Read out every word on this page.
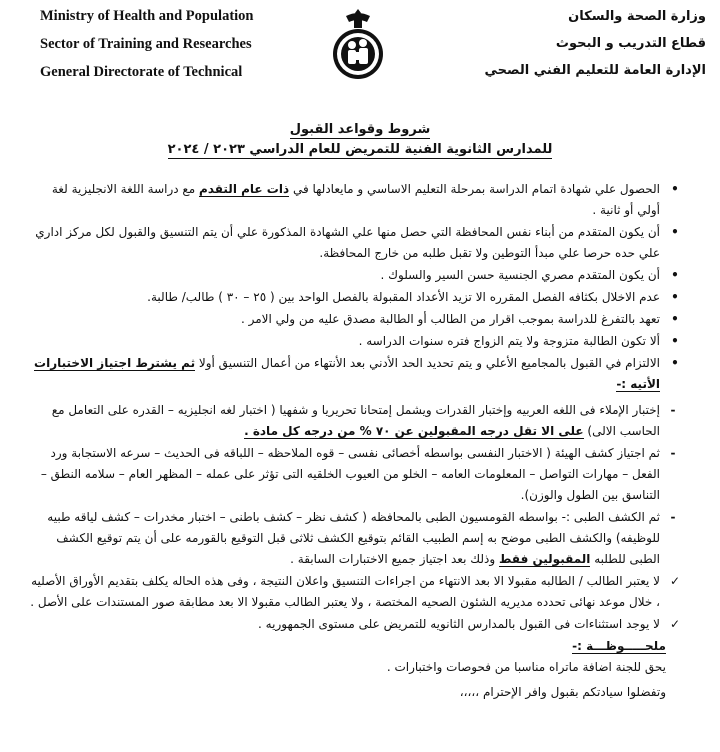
Ministry of Health and Population
Sector of Training and Researches
General Directorate of Technical
وزارة الصحة والسكان
قطاع التدريب و البحوث
الإدارة العامة للتعليم الفني الصحي
شروط وقواعد القبول
للمدارس الثانوية الفنية للتمريض للعام الدراسي ٢٠٢٣ / ٢٠٢٤
•
الحصول علي شهادة اتمام الدراسة بمرحلة التعليم الاساسي و مايعادلها في ذات عام التقدم مع دراسة اللغة الانجليزية لغة أولي أو ثانية .
•
أن يكون المتقدم من أبناء نفس المحافظة التي حصل منها علي الشهادة المذكورة علي أن يتم التنسيق والقبول لكل مركز اداري علي حده حرصا علي مبدأ التوطين ولا تقبل طلبه من خارج المحافظة.
•
أن يكون المتقدم مصري الجنسية حسن السير والسلوك .
•
عدم الاخلال بكثافه الفصل المقرره الا تزيد الأعداد المقبولة بالفصل الواحد بين ( ٢٥ – ٣٠ ) طالب/ طالبة.
•
تعهد بالتفرغ للدراسة بموجب اقرار من الطالب أو الطالبة مصدق عليه من ولي الامر .
•
ألا تكون الطالبة متزوجة ولا يتم الزواج فتره سنوات الدراسه .
•
الالتزام في القبول بالمجاميع الأعلي و يتم تحديد الحد الأدني بعد الأنتهاء من أعمال التنسيق أولا ثم يشترط اجتياز الاختبارات الأتيه :-
-
إختبار الإملاء فى اللغه العربيه وإختبار القدرات ويشمل إمتحانا تحريريا و شفهيا ( اختبار لغه انجليزيه – القدره على التعامل مع الحاسب الالى) على الا تقل درجه المقبولين عن ٧٠ % من درجه كل مادة .
-
ثم اجتياز كشف الهيئة ( الاختبار النفسى بواسطه أخصائى نفسى – قوه الملاحظه – اللباقه فى الحديث – سرعه الاستجابة ورد الفعل – مهارات التواصل – المعلومات العامه – الخلو من العيوب الخلقيه التى تؤثر على عمله – المظهر العام – سلامه النطق – التناسق بين الطول والوزن).
-
ثم الكشف الطبى :- بواسطه القومسيون الطبى بالمحافظه ( كشف نظر – كشف باطنى – اختبار مخدرات – كشف لياقه طبيه للوظيفه) والكشف الطبى موضح به إسم الطبيب القائم بتوقيع الكشف ثلاثى قبل التوقيع بالقورمه على أن يتم توقيع الكشف الطبى للطلبه المقبولين فقط وذلك بعد اجتياز جميع الاختبارات السابقة .
✓
لا يعتبر الطالب / الطالبه مقبولا الا بعد الانتهاء من اجراءات التنسيق واعلان النتيجة ، وفى هذه الحاله يكلف بتقديم الأوراق الأصليه ، خلال موعد نهائى تحدده مديريه الشئون الصحيه المختصة ، ولا يعتبر الطالب مقبولا الا بعد مطابقة صور المستندات على الأصل .
✓
لا يوجد استثناءات فى القبول بالمدارس الثانويه للتمريض على مستوى الجمهوريه .
ملحـــــوظـــة :-
يحق للجنة اضافة ماتراه مناسبا من فحوصات واختبارات .
وتفضلوا سيادتكم بقبول وافر الإحترام ،،،،،
